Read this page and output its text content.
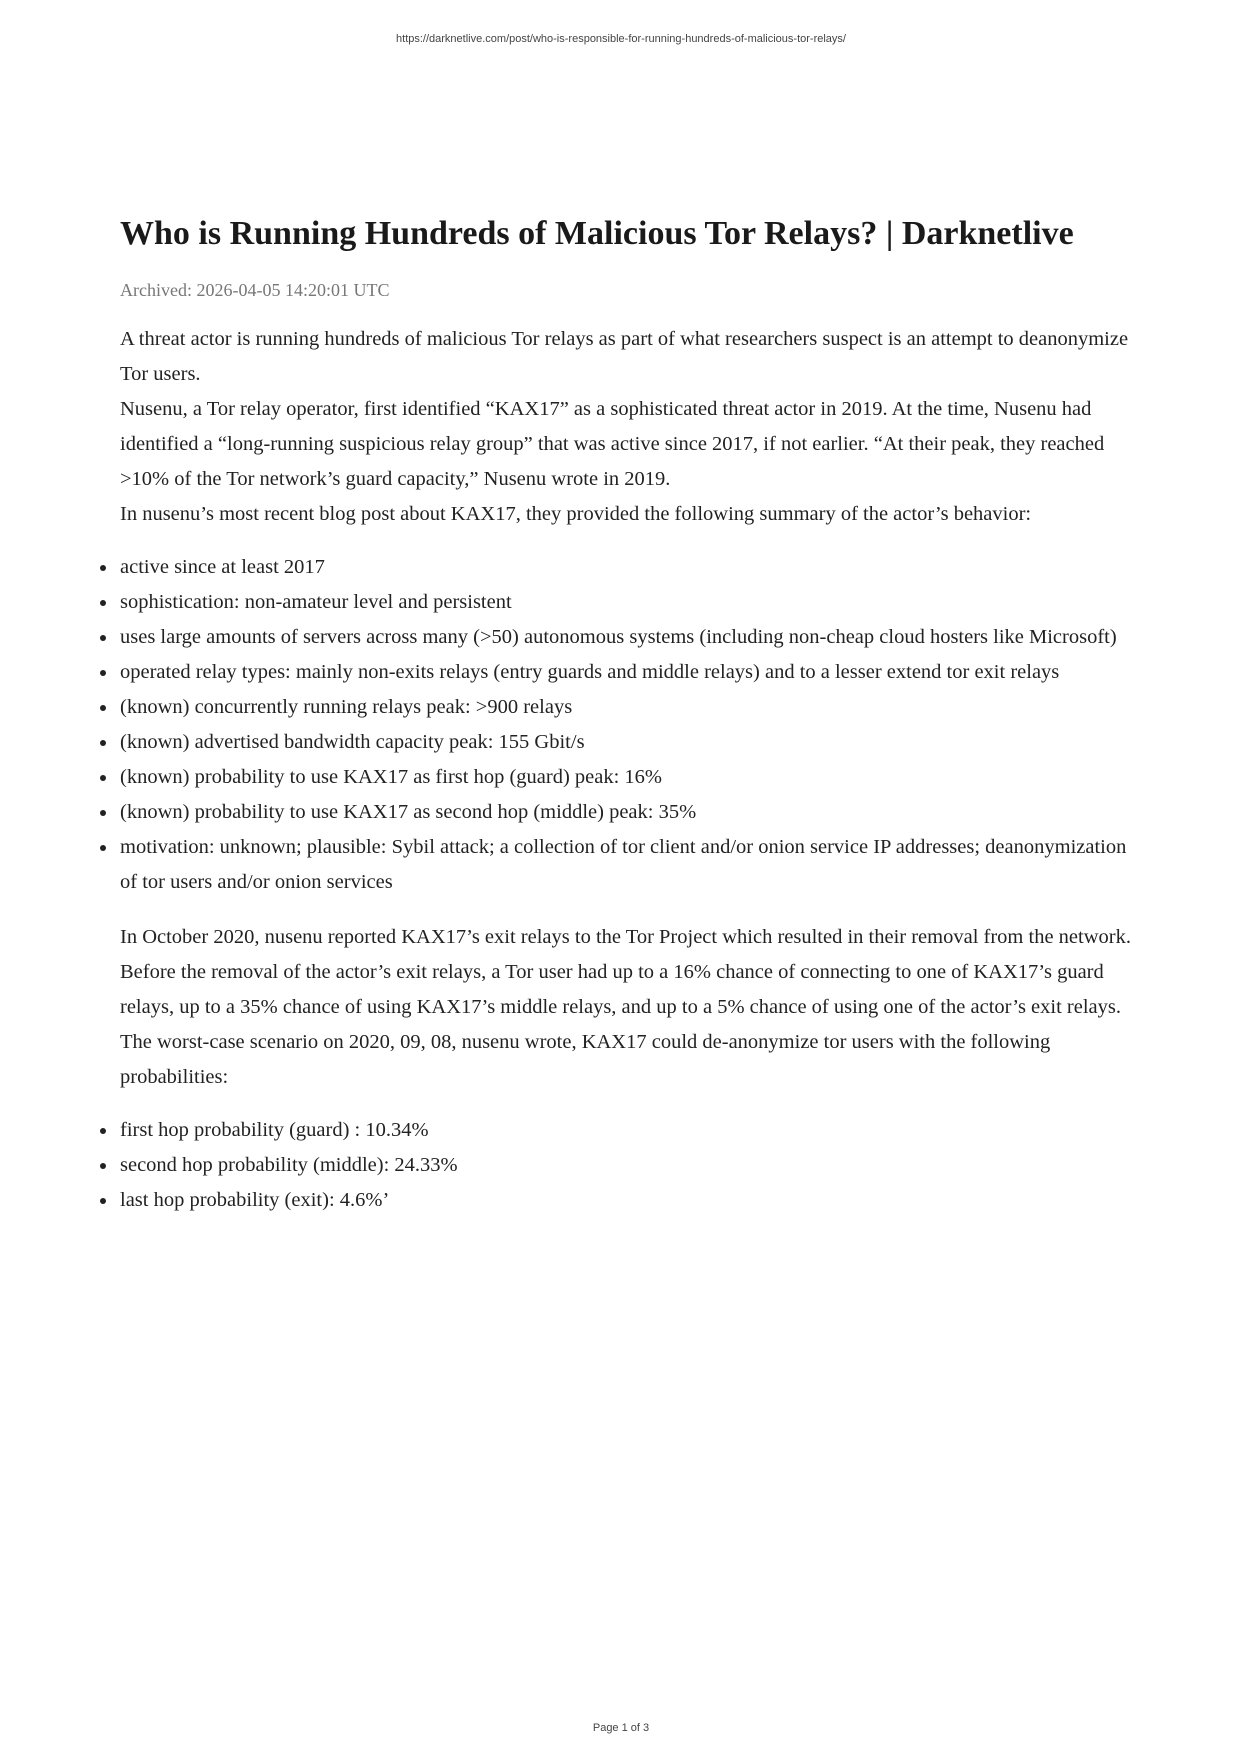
https://darknetlive.com/post/who-is-responsible-for-running-hundreds-of-malicious-tor-relays/
Who is Running Hundreds of Malicious Tor Relays? | Darknetlive
Archived: 2026-04-05 14:20:01 UTC

A threat actor is running hundreds of malicious Tor relays as part of what researchers suspect is an attempt to deanonymize Tor users.

Nusenu, a Tor relay operator, first identified “KAX17” as a sophisticated threat actor in 2019. At the time, Nusenu had identified a “long-running suspicious relay group” that was active since 2017, if not earlier. “At their peak, they reached >10% of the Tor network’s guard capacity,” Nusenu wrote in 2019.

In nusenu’s most recent blog post about KAX17, they provided the following summary of the actor’s behavior:

active since at least 2017
sophistication: non-amateur level and persistent
uses large amounts of servers across many (>50) autonomous systems (including non-cheap cloud hosters like Microsoft)
operated relay types: mainly non-exits relays (entry guards and middle relays) and to a lesser extend tor exit relays
(known) concurrently running relays peak: >900 relays
(known) advertised bandwidth capacity peak: 155 Gbit/s
(known) probability to use KAX17 as first hop (guard) peak: 16%
(known) probability to use KAX17 as second hop (middle) peak: 35%
motivation: unknown; plausible: Sybil attack; a collection of tor client and/or onion service IP addresses; deanonymization of tor users and/or onion services

In October 2020, nusenu reported KAX17’s exit relays to the Tor Project which resulted in their removal from the network. Before the removal of the actor’s exit relays, a Tor user had up to a 16% chance of connecting to one of KAX17’s guard relays, up to a 35% chance of using KAX17’s middle relays, and up to a 5% chance of using one of the actor’s exit relays. The worst-case scenario on 2020, 09, 08, nusenu wrote, KAX17 could de-anonymize tor users with the following probabilities:

first hop probability (guard) : 10.34%
second hop probability (middle): 24.33%
last hop probability (exit): 4.6%’
Page 1 of 3
